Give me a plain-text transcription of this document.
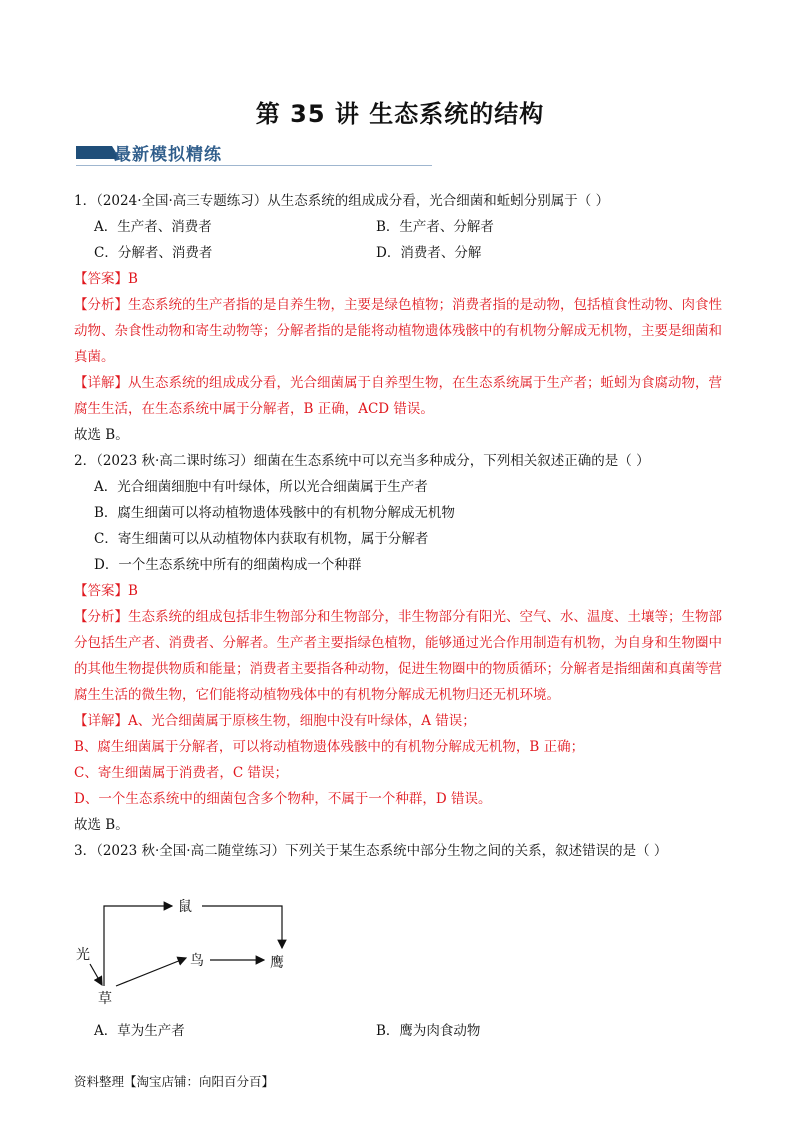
第 35 讲 生态系统的结构
最新模拟精练
1．（2024·全国·高三专题练习）从生态系统的组成成分看，光合细菌和蚯蚓分别属于（ ）
A．生产者、消费者	B．生产者、分解者
C．分解者、消费者	D．消费者、分解
【答案】B
【分析】生态系统的生产者指的是自养生物，主要是绿色植物；消费者指的是动物，包括植食性动物、肉食性动物、杂食性动物和寄生动物等；分解者指的是能将动植物遗体残骸中的有机物分解成无机物，主要是细菌和真菌。
【详解】从生态系统的组成成分看，光合细菌属于自养型生物，在生态系统属于生产者；蚯蚓为食腐动物，营腐生生活，在生态系统中属于分解者，B 正确，ACD 错误。
故选 B。
2．（2023 秋·高二课时练习）细菌在生态系统中可以充当多种成分，下列相关叙述正确的是（ ）
A．光合细菌细胞中有叶绿体，所以光合细菌属于生产者
B．腐生细菌可以将动植物遗体残骸中的有机物分解成无机物
C．寄生细菌可以从动植物体内获取有机物，属于分解者
D．一个生态系统中所有的细菌构成一个种群
【答案】B
【分析】生态系统的组成包括非生物部分和生物部分，非生物部分有阳光、空气、水、温度、土壤等；生物部分包括生产者、消费者、分解者。生产者主要指绿色植物，能够通过光合作用制造有机物，为自身和生物圈中的其他生物提供物质和能量；消费者主要指各种动物，促进生物圈中的物质循环；分解者是指细菌和真菌等营腐生生活的微生物，它们能将动植物残体中的有机物分解成无机物归还无机环境。
【详解】A、光合细菌属于原核生物，细胞中没有叶绿体，A 错误；
B、腐生细菌属于分解者，可以将动植物遗体残骸中的有机物分解成无机物，B 正确；
C、寄生细菌属于消费者，C 错误；
D、一个生态系统中的细菌包含多个物种，不属于一个种群，D 错误。
故选 B。
3．（2023 秋·全国·高二随堂练习）下列关于某生态系统中部分生物之间的关系，叙述错误的是（ ）
光
草
鼠
鸟	鹰
A．草为生产者	B．鹰为肉食动物
资料整理【淘宝店铺：向阳百分百】
